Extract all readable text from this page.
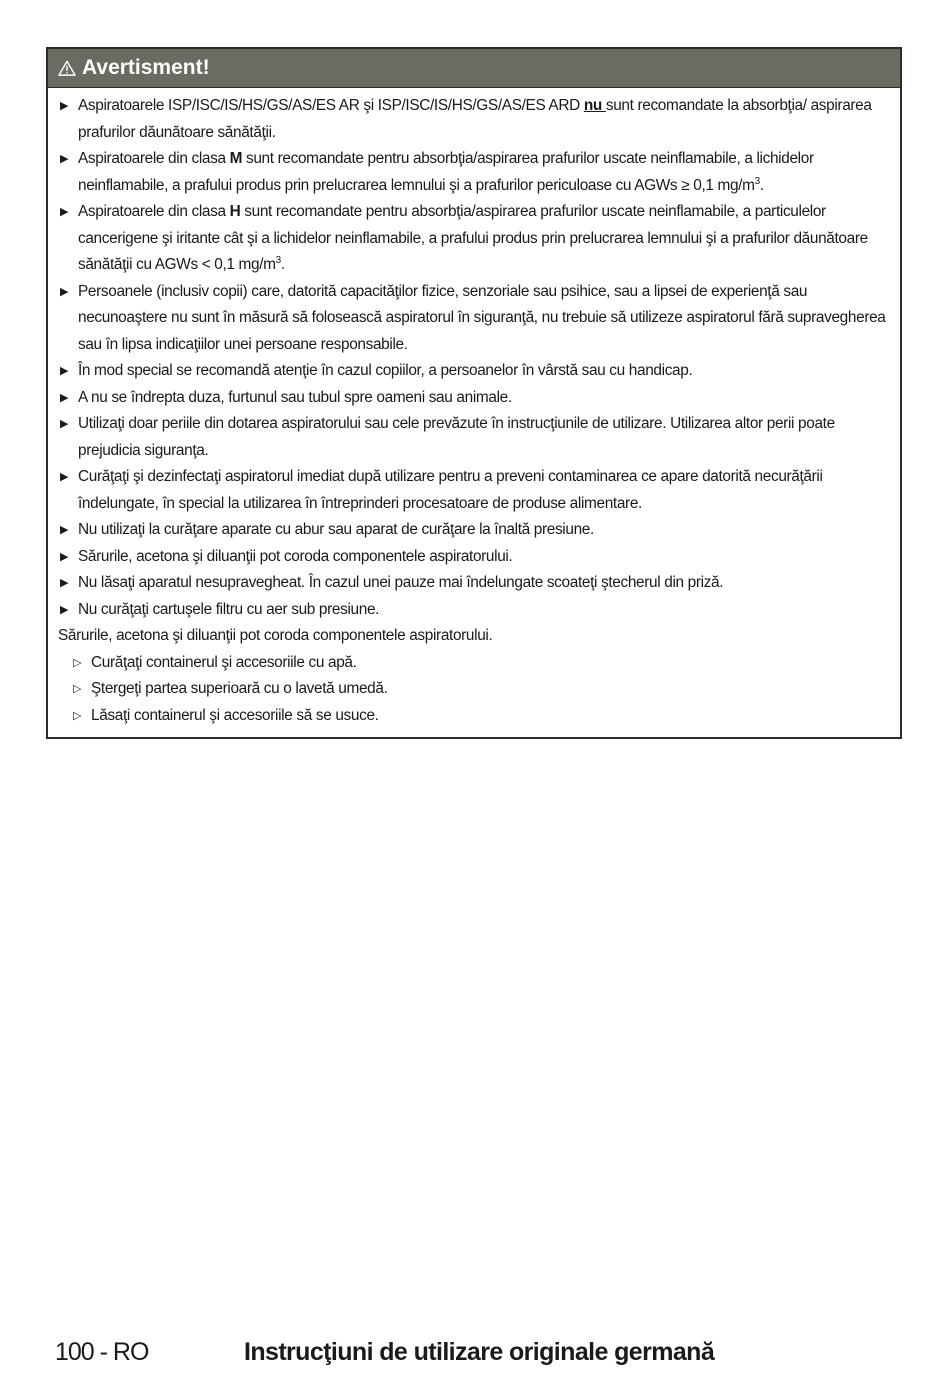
Avertisment!
▶ Aspiratoarele ISP/ISC/IS/HS/GS/AS/ES AR şi ISP/ISC/IS/HS/GS/AS/ES ARD nu sunt recomandate la absorbţia/ aspirarea prafurilor dăunătoare sănătăţii.
▶ Aspiratoarele din clasa M sunt recomandate pentru absorbţia/aspirarea prafurilor uscate neinflamabile, a lichidelor neinflamabile, a prafului produs prin prelucrarea lemnului şi a prafurilor periculoase cu AGWs ≥ 0,1 $mg/m^3$.
▶ Aspiratoarele din clasa H sunt recomandate pentru absorbţia/aspirarea prafurilor uscate neinflamabile, a particulelor cancerigene şi iritante cât şi a lichidelor neinflamabile, a prafului produs prin prelucrarea lemnului şi a prafurilor dăunătoare sănătăţii cu AGWs < 0,1 $mg/m^3$.
▶ Persoanele (inclusiv copii) care, datorită capacităţilor fizice, senzoriale sau psihice, sau a lipsei de experienţă sau necunoaştere nu sunt în măsură să folosească aspiratorul în siguranţă, nu trebuie să utilizeze aspiratorul fără supravegherea sau în lipsa indicaţiilor unei persoane responsabile.
▶ În mod special se recomandă atenţie în cazul copiilor, a persoanelor în vârstă sau cu handicap.
▶ A nu se îndrepta duza, furtunul sau tubul spre oameni sau animale.
▶ Utilizaţi doar periile din dotarea aspiratorului sau cele prevăzute în instrucţiunile de utilizare. Utilizarea altor perii poate prejudicia siguranţa.
▶ Curăţaţi şi dezinfectaţi aspiratorul imediat după utilizare pentru a preveni contaminarea ce apare datorită necurăţării îndelungate, în special la utilizarea în întreprinderi procesatoare de produse alimentare.
▶ Nu utilizaţi la curăţare aparate cu abur sau aparat de curăţare la înaltă presiune.
▶ Sărurile, acetona şi diluanţii pot coroda componentele aspiratorului.
▶ Nu lăsaţi aparatul nesupravegheat. În cazul unei pauze mai îndelungate scoateţi ştecherul din priză.
▶ Nu curăţaţi cartuşele filtru cu aer sub presiune.
Sărurile, acetona şi diluanţii pot coroda componentele aspiratorului.
▷ Curăţaţi containerul şi accesoriile cu apă.
▷ Ştergeţi partea superioară cu o lavetă umedă.
▷ Lăsaţi containerul şi accesoriile să se usuce.
100 - RO	Instrucţiuni de utilizare originale germană
